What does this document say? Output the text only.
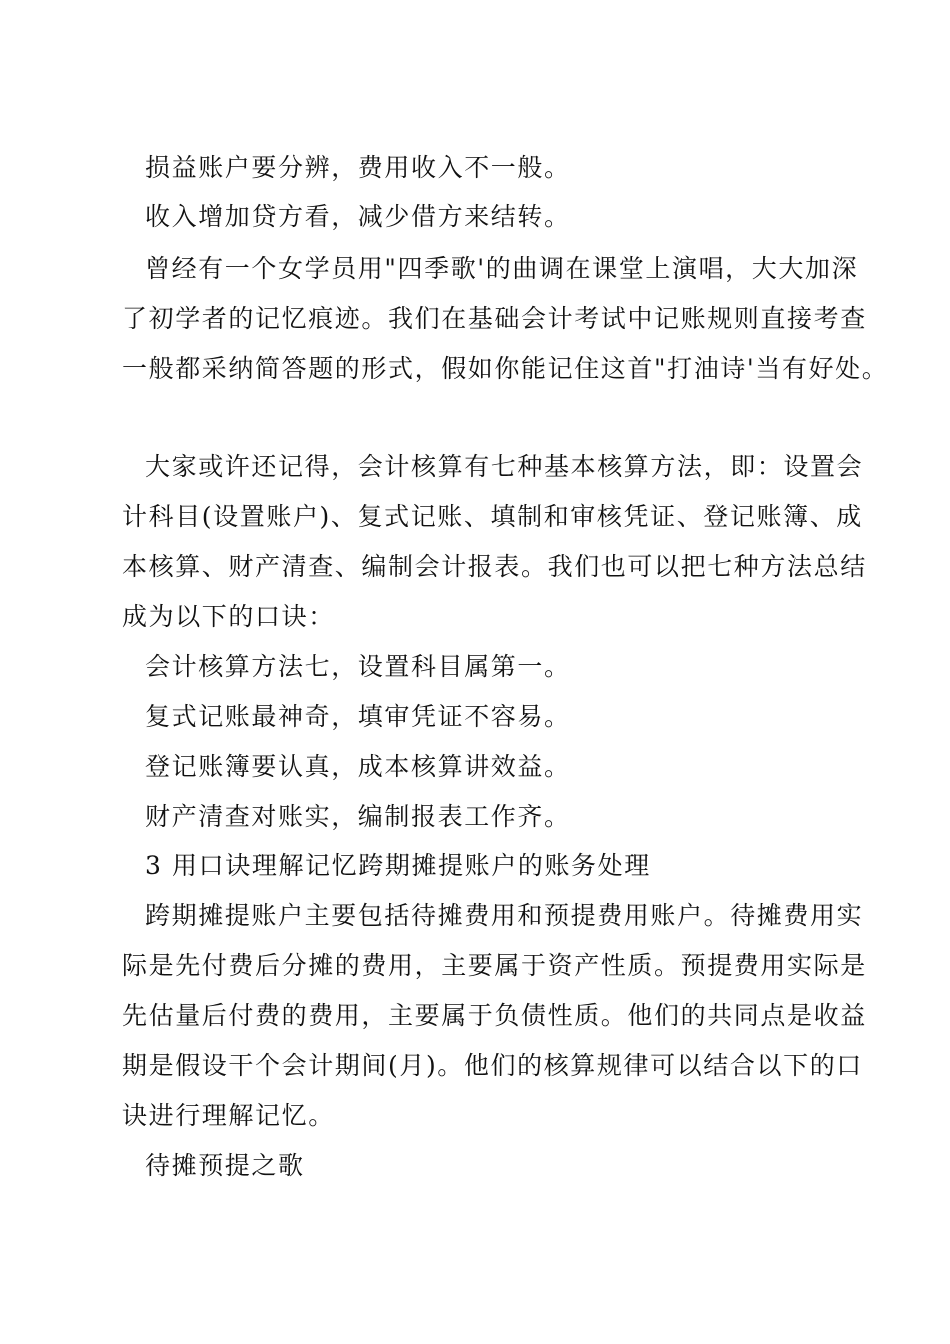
损益账户要分辨，费用收入不一般。
收入增加贷方看，减少借方来结转。
曾经有一个女学员用"四季歌'的曲调在课堂上演唱，大大加深
了初学者的记忆痕迹。我们在基础会计考试中记账规则直接考查
一般都采纳简答题的形式，假如你能记住这首"打油诗'当有好处。
大家或许还记得，会计核算有七种基本核算方法，即：设置会
计科目(设置账户)、复式记账、填制和审核凭证、登记账簿、成
本核算、财产清查、编制会计报表。我们也可以把七种方法总结
成为以下的口诀：
会计核算方法七，设置科目属第一。
复式记账最神奇，填审凭证不容易。
登记账簿要认真，成本核算讲效益。
财产清查对账实，编制报表工作齐。
3 用口诀理解记忆跨期摊提账户的账务处理
跨期摊提账户主要包括待摊费用和预提费用账户。待摊费用实
际是先付费后分摊的费用，主要属于资产性质。预提费用实际是
先估量后付费的费用，主要属于负债性质。他们的共同点是收益
期是假设干个会计期间(月)。他们的核算规律可以结合以下的口
诀进行理解记忆。
待摊预提之歌
